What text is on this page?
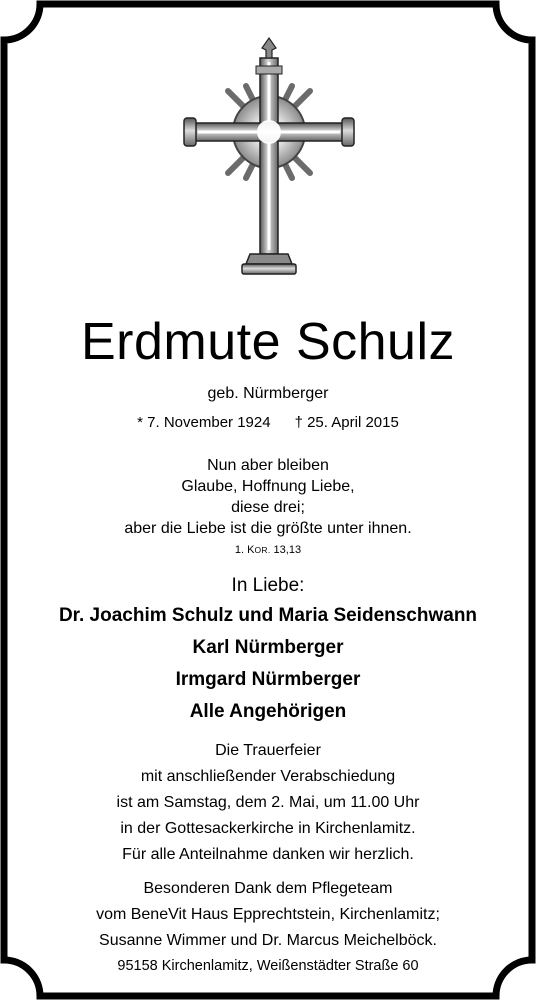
Erdmute Schulz
geb. Nürmberger
* 7. November 1924 † 25. April 2015
Nun aber bleiben
Glaube, Hoffnung Liebe,
diese drei;
aber die Liebe ist die größte unter ihnen.
1. KOR. 13,13
In Liebe:
Dr. Joachim Schulz und Maria Seidenschwann
Karl Nürmberger
Irmgard Nürmberger
Alle Angehörigen
Die Trauerfeier
mit anschließender Verabschiedung
ist am Samstag, dem 2. Mai, um 11.00 Uhr
in der Gottesackerkirche in Kirchenlamitz.
Für alle Anteilnahme danken wir herzlich.
Besonderen Dank dem Pflegeteam
vom BeneVit Haus Epprechtstein, Kirchenlamitz;
Susanne Wimmer und Dr. Marcus Meichelböck.
95158 Kirchenlamitz, Weißenstädter Straße 60
